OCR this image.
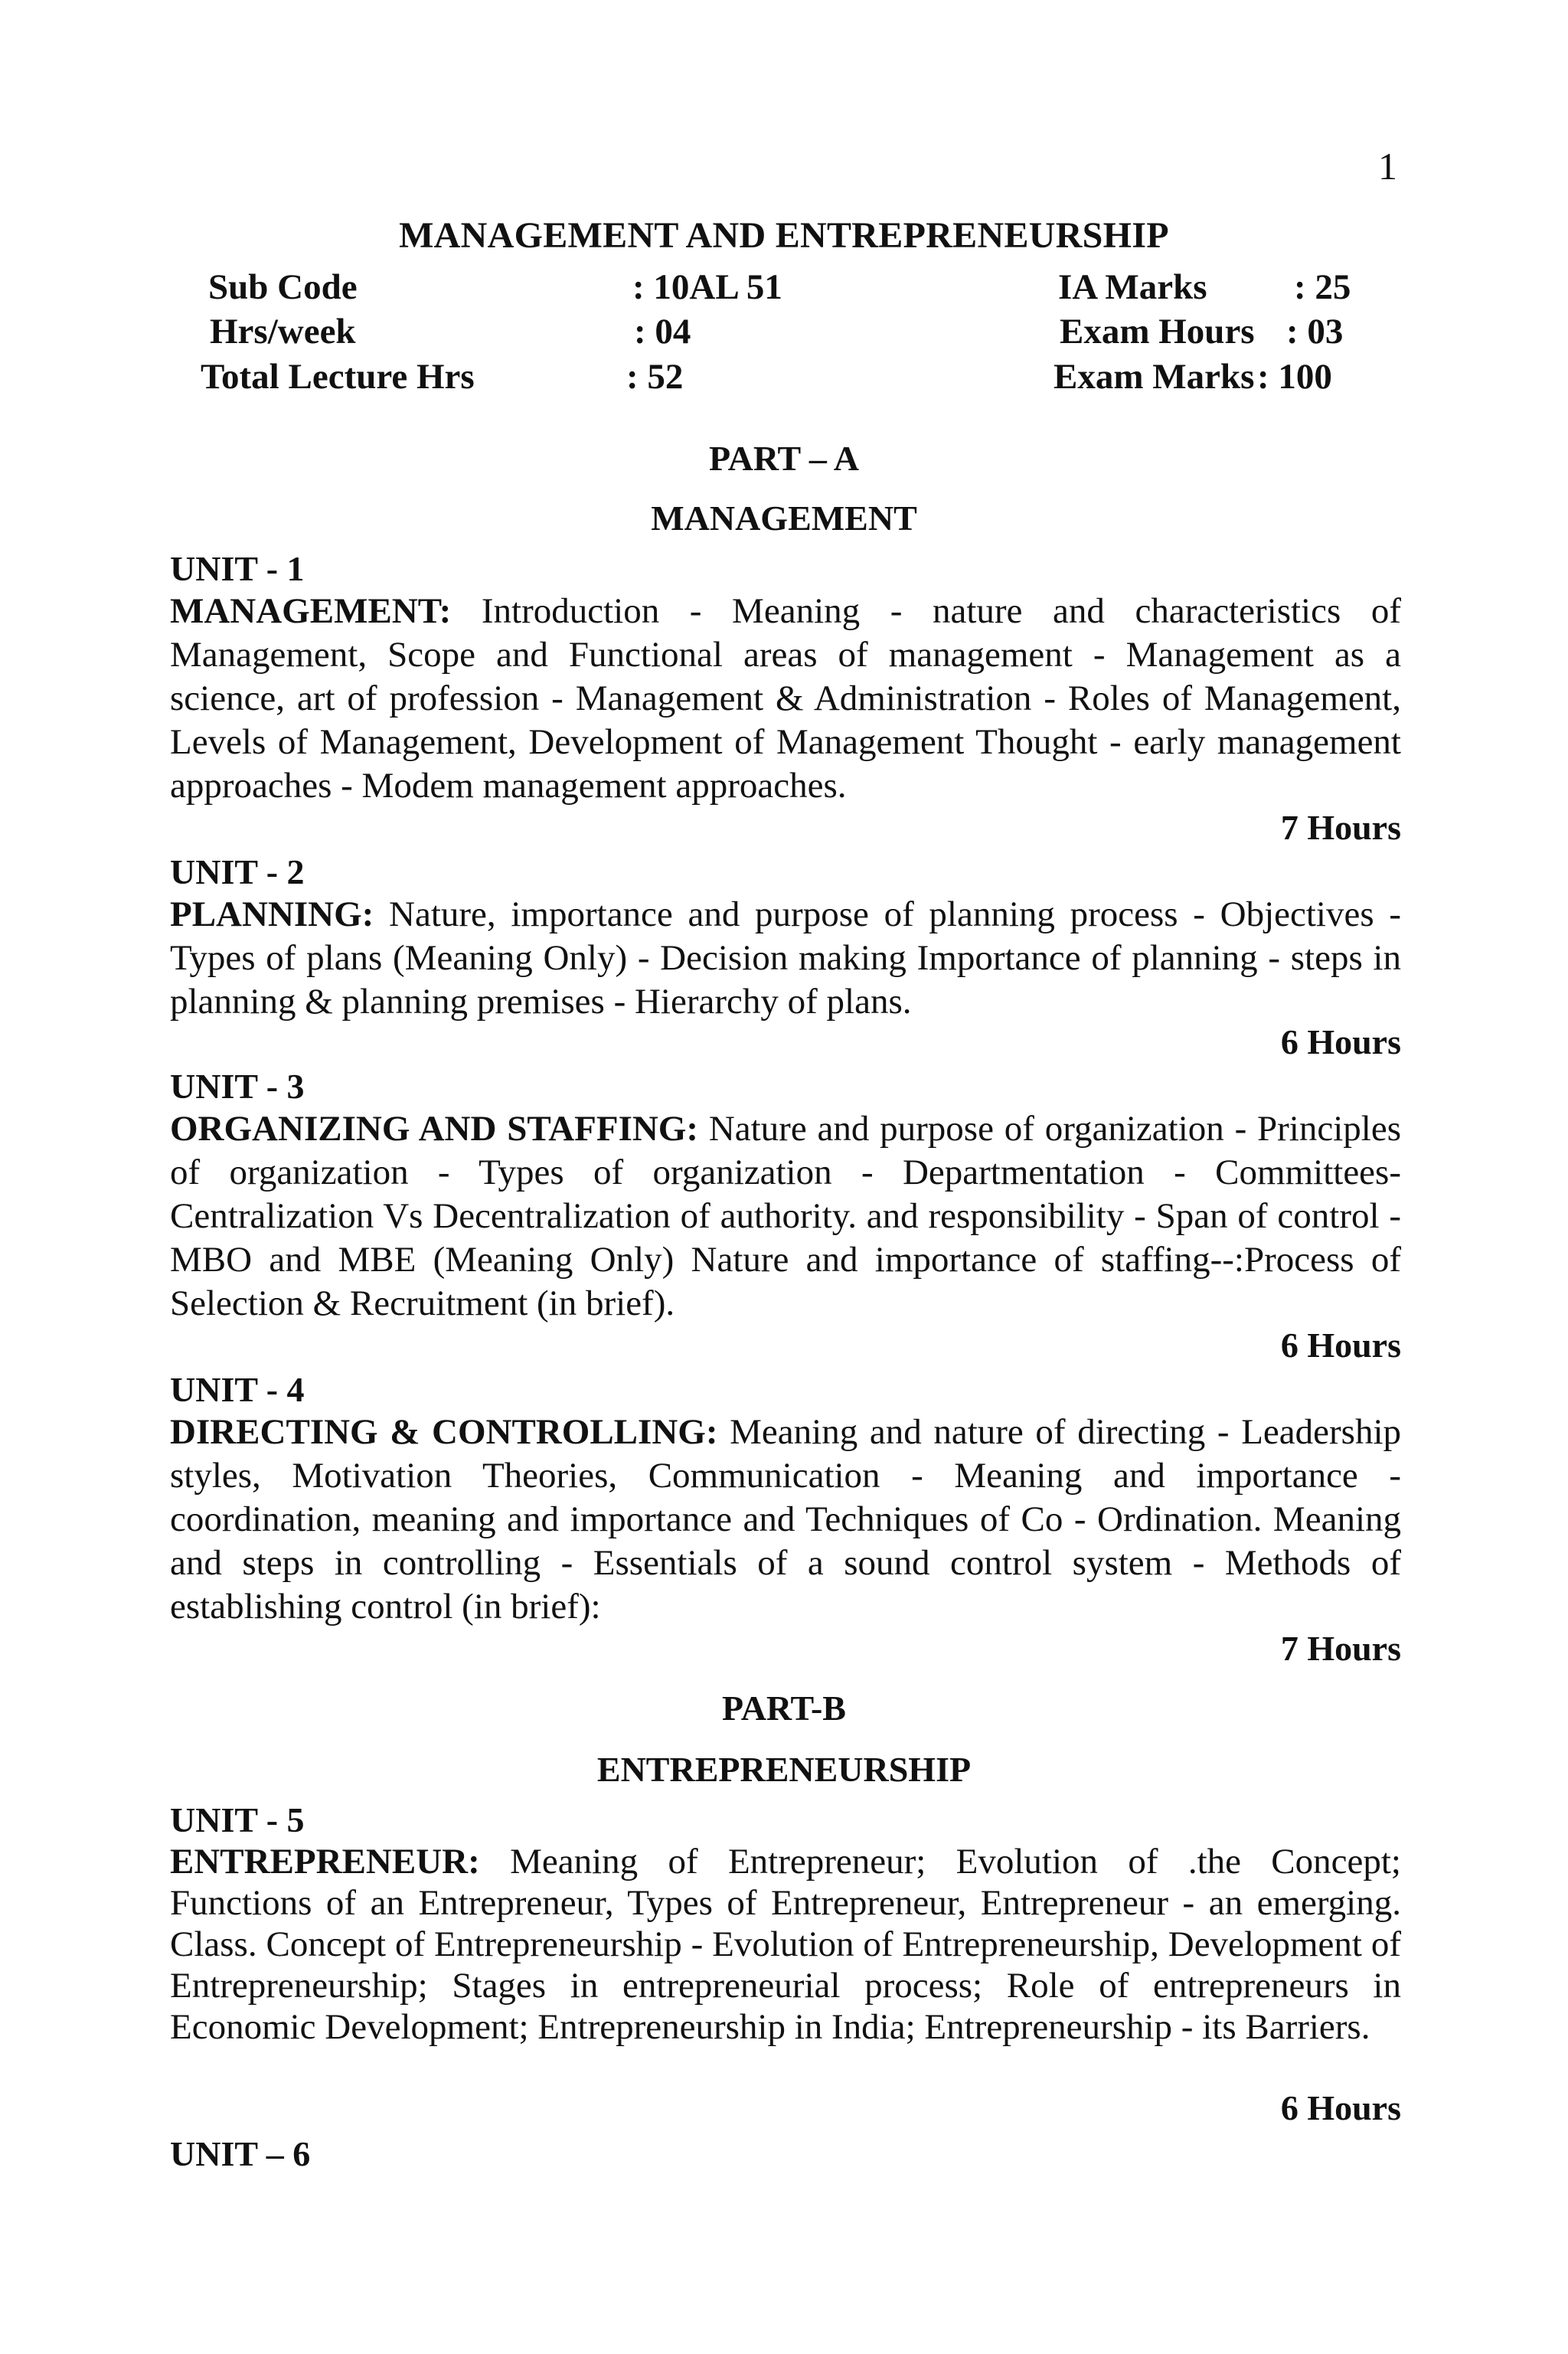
1
MANAGEMENT AND ENTREPRENEURSHIP
Sub Code	: 10AL 51	IA Marks : 25
Hrs/week	: 04	Exam Hours : 03
Total Lecture Hrs	: 52	Exam Marks : 100
PART – A
MANAGEMENT
UNIT - 1
MANAGEMENT: Introduction - Meaning - nature and characteristics of Management, Scope and Functional areas of management - Management as a science, art of profession - Management & Administration - Roles of Management, Levels of Management, Development of Management Thought - early management approaches - Modem management approaches.
7 Hours
UNIT - 2
PLANNING: Nature, importance and purpose of planning process - Objectives - Types of plans (Meaning Only) - Decision making Importance of planning - steps in planning & planning premises - Hierarchy of plans.
6 Hours
UNIT - 3
ORGANIZING AND STAFFING: Nature and purpose of organization - Principles of organization - Types of organization - Departmentation - Committees- Centralization Vs Decentralization of authority. and responsibility - Span of control - MBO and MBE (Meaning Only) Nature and importance of staffing--:Process of Selection & Recruitment (in brief).
6 Hours
UNIT - 4
DIRECTING & CONTROLLING: Meaning and nature of directing - Leadership styles, Motivation Theories, Communication - Meaning and importance - coordination, meaning and importance and Techniques of Co - Ordination. Meaning and steps in controlling - Essentials of a sound control system - Methods of establishing control (in brief):
7 Hours
PART-B
ENTREPRENEURSHIP
UNIT - 5
ENTREPRENEUR: Meaning of Entrepreneur; Evolution of .the Concept; Functions of an Entrepreneur, Types of Entrepreneur, Entrepreneur - an emerging. Class. Concept of Entrepreneurship - Evolution of Entrepreneurship, Development of Entrepreneurship; Stages in entrepreneurial process; Role of entrepreneurs in Economic Development; Entrepreneurship in India; Entrepreneurship - its Barriers.
6 Hours
UNIT – 6
